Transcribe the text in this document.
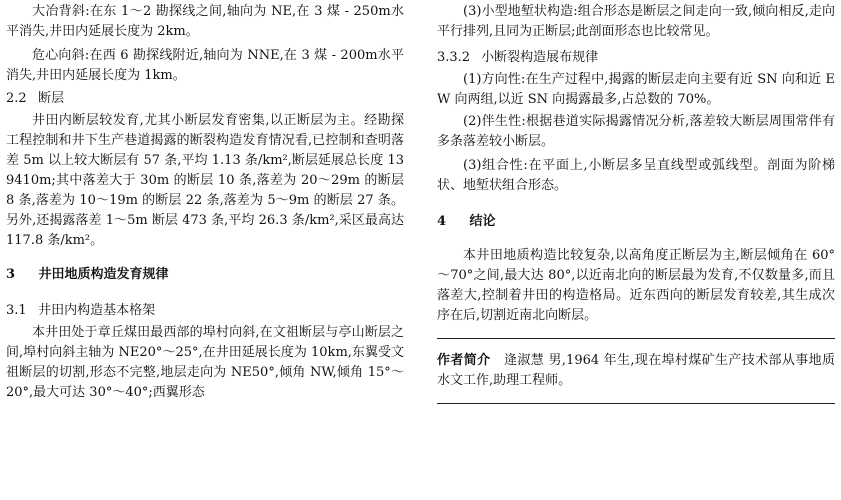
大冶背斜:在东 1～2 勘探线之间,轴向为 NE,在 3 煤 - 250m水平消失,井田内延展长度为 2km。

危心向斜:在西 6 勘探线附近,轴向为 NNE,在 3 煤 - 200m水平消失,井田内延展长度为 1km。

2.2 断层

井田内断层较发育,尤其小断层发育密集,以正断层为主。经勘探工程控制和井下生产巷道揭露的断裂构造发育情况看,已控制和查明落差 5m 以上较大断层有 57 条,平均 1.13 条/km²,断层延展总长度 139410m;其中落差大于 30m 的断层 10 条,落差为 20～29m 的断层 8 条,落差为 10～19m 的断层 22 条,落差为 5～9m 的断层 27 条。另外,还揭露落差 1～5m 断层 473 条,平均 26.3 条/km²,采区最高达 117.8 条/km²。

3 井田地质构造发育规律
3.1 井田内构造基本格架

本井田处于章丘煤田最西部的埠村向斜,在文祖断层与亭山断层之间,埠村向斜主轴为 NE20°～25°,在井田延展长度为 10km,东翼受文祖断层的切割,形态不完整,地层走向为 NE50°,倾角 NW,倾角 15°～20°,最大可达 30°～40°;西翼形态

(3)小型地堑状构造:组合形态是断层之间走向一致,倾向相反,走向平行排列,且同为正断层;此剖面形态也比较常见。

3.3.2 小断裂构造展布规律

(1)方向性:在生产过程中,揭露的断层走向主要有近 SN 向和近 EW 向两组,以近 SN 向揭露最多,占总数的 70%。

(2)伴生性:根据巷道实际揭露情况分析,落差较大断层周围常伴有多条落差较小断层。

(3)组合性:在平面上,小断层多呈直线型或弧线型。剖面为阶梯状、地堑状组合形态。

4 结论

本井田地质构造比较复杂,以高角度正断层为主,断层倾角在 60°～70°之间,最大达 80°,以近南北向的断层最为发育,不仅数量多,而且落差大,控制着井田的构造格局。近东西向的断层发育较差,其生成次序在后,切割近南北向断层。

作者简介 逄淑慧 男,1964 年生,现在埠村煤矿生产技术部从事地质水文工作,助理工程师。
